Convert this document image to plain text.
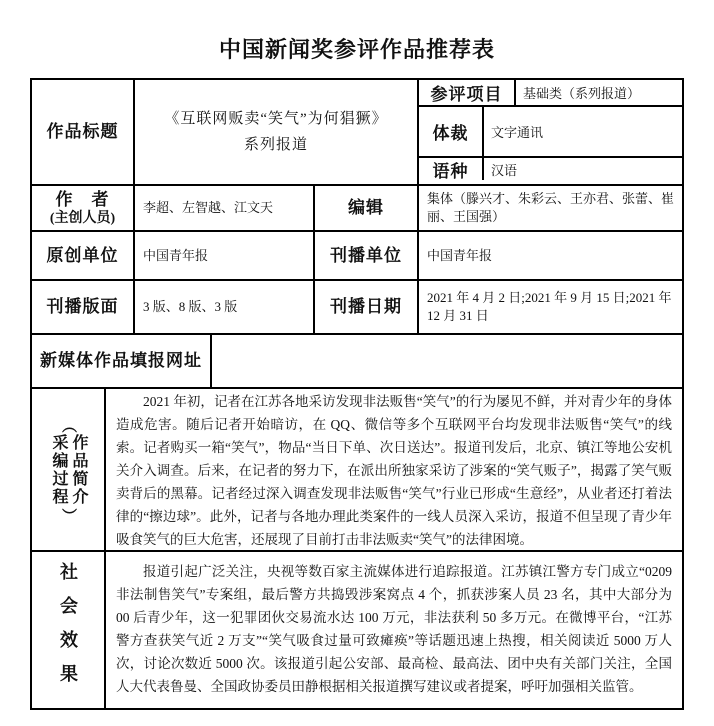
中国新闻奖参评作品推荐表
作品标题
《互联网贩卖“笑气”为何猖獗》
系列报道
参评项目	基础类（系列报道）
体裁	文字通讯
语种	汉语
作　者
(主创人员)
李超、左智越、江文天	编辑	集体（滕兴才、朱彩云、王亦君、张蕾、崔丽、王国强）
原创单位	中国青年报	刊播单位	中国青年报
刊播版面	3 版、8 版、3 版	刊播日期	2021 年 4 月 2 日;2021 年 9 月 15 日;2021 年 12 月 31 日
新媒体作品填报网址
（
采编过程 作品简介
）

2021 年初，记者在江苏各地采访发现非法贩售“笑气”的行为屡见不鲜，并对青少年的身体造成危害。随后记者开始暗访，在 QQ、微信等多个互联网平台均发现非法贩售“笑气”的线索。记者购买一箱“笑气”，物品“当日下单、次日送达”。报道刊发后，北京、镇江等地公安机关介入调查。后来，在记者的努力下，在派出所独家采访了涉案的“笑气贩子”，揭露了笑气贩卖背后的黑幕。记者经过深入调查发现非法贩售“笑气”行业已形成“生意经”，从业者还打着法律的“擦边球”。此外，记者与各地办理此类案件的一线人员深入采访，报道不但呈现了青少年吸食笑气的巨大危害，还展现了目前打击非法贩卖“笑气”的法律困境。

社会效果	报道引起广泛关注，央视等数百家主流媒体进行追踪报道。江苏镇江警方专门成立“0209 非法制售笑气”专案组，最后警方共捣毁涉案窝点 4 个，抓获涉案人员 23 名，其中大部分为 00 后青少年，这一犯罪团伙交易流水达 100 万元，非法获利 50 多万元。在微博平台，“江苏警方查获笑气近 2 万支”“笑气吸食过量可致瘫痪”等话题迅速上热搜，相关阅读近 5000 万人次，讨论次数近 5000 次。该报道引起公安部、最高检、最高法、团中央有关部门关注，全国人大代表鲁曼、全国政协委员田静根据相关报道撰写建议或者提案，呼吁加强相关监管。
